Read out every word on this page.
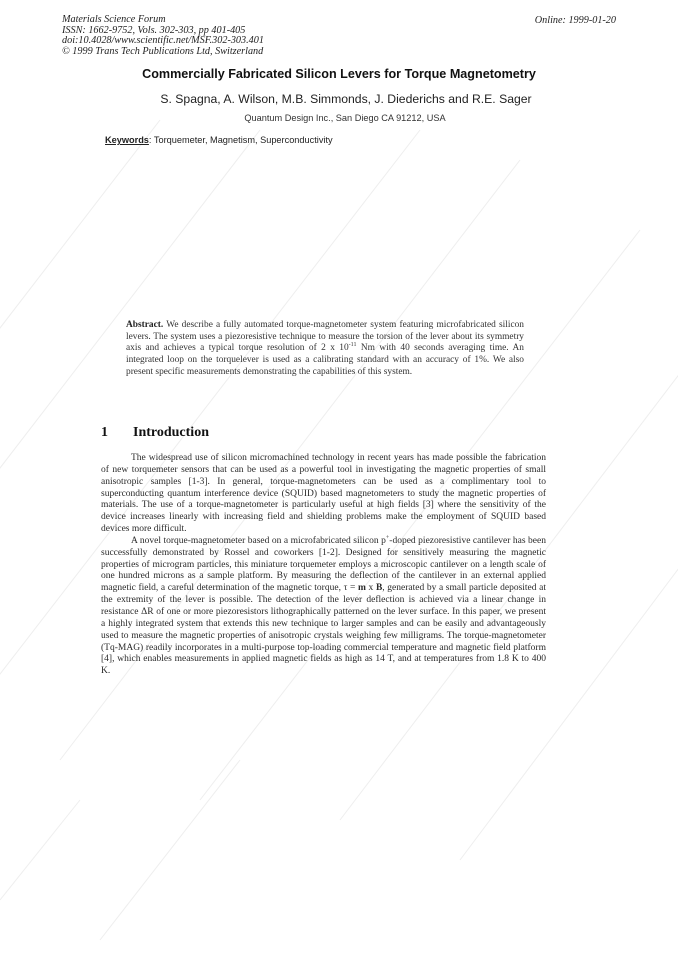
Materials Science Forum
ISSN: 1662-9752, Vols. 302-303, pp 401-405
doi:10.4028/www.scientific.net/MSF.302-303.401
© 1999 Trans Tech Publications Ltd, Switzerland
Online: 1999-01-20
Commercially Fabricated Silicon Levers for Torque Magnetometry
S. Spagna, A. Wilson, M.B. Simmonds, J. Diederichs and R.E. Sager
Quantum Design Inc., San Diego CA 91212, USA
Keywords: Torquemeter, Magnetism, Superconductivity
Abstract. We describe a fully automated torque-magnetometer system featuring microfabricated silicon levers. The system uses a piezoresistive technique to measure the torsion of the lever about its symmetry axis and achieves a typical torque resolution of 2 x $10^{-11}$ Nm with 40 seconds averaging time. An integrated loop on the torquelever is used as a calibrating standard with an accuracy of 1%. We also present specific measurements demonstrating the capabilities of this system.
1 Introduction

The widespread use of silicon micromachined technology in recent years has made possible the fabrication of new torquemeter sensors that can be used as a powerful tool in investigating the magnetic properties of small anisotropic samples [1-3]. In general, torque-magnetometers can be used as a complimentary tool to superconducting quantum interference device (SQUID) based magnetometers to study the magnetic properties of materials. The use of a torque-magnetometer is particularly useful at high fields [3] where the sensitivity of the device increases linearly with increasing field and shielding problems make the employment of SQUID based devices more difficult.

A novel torque-magnetometer based on a microfabricated silicon p+-doped piezoresistive cantilever has been successfully demonstrated by Rossel and coworkers [1-2]. Designed for sensitively measuring the magnetic properties of microgram particles, this miniature torquemeter employs a microscopic cantilever on a length scale of one hundred microns as a sample platform. By measuring the deflection of the cantilever in an external applied magnetic field, a careful determination of the magnetic torque, τ = m x B, generated by a small particle deposited at the extremity of the lever is possible. The detection of the lever deflection is achieved via a linear change in resistance ΔR of one or more piezoresistors lithographically patterned on the lever surface. In this paper, we present a highly integrated system that extends this new technique to larger samples and can be easily and advantageously used to measure the magnetic properties of anisotropic crystals weighing few milligrams. The torque-magnetometer (Tq-MAG) readily incorporates in a multi-purpose top-loading commercial temperature and magnetic field platform [4], which enables measurements in applied magnetic fields as high as 14 T, and at temperatures from 1.8 K to 400 K.
